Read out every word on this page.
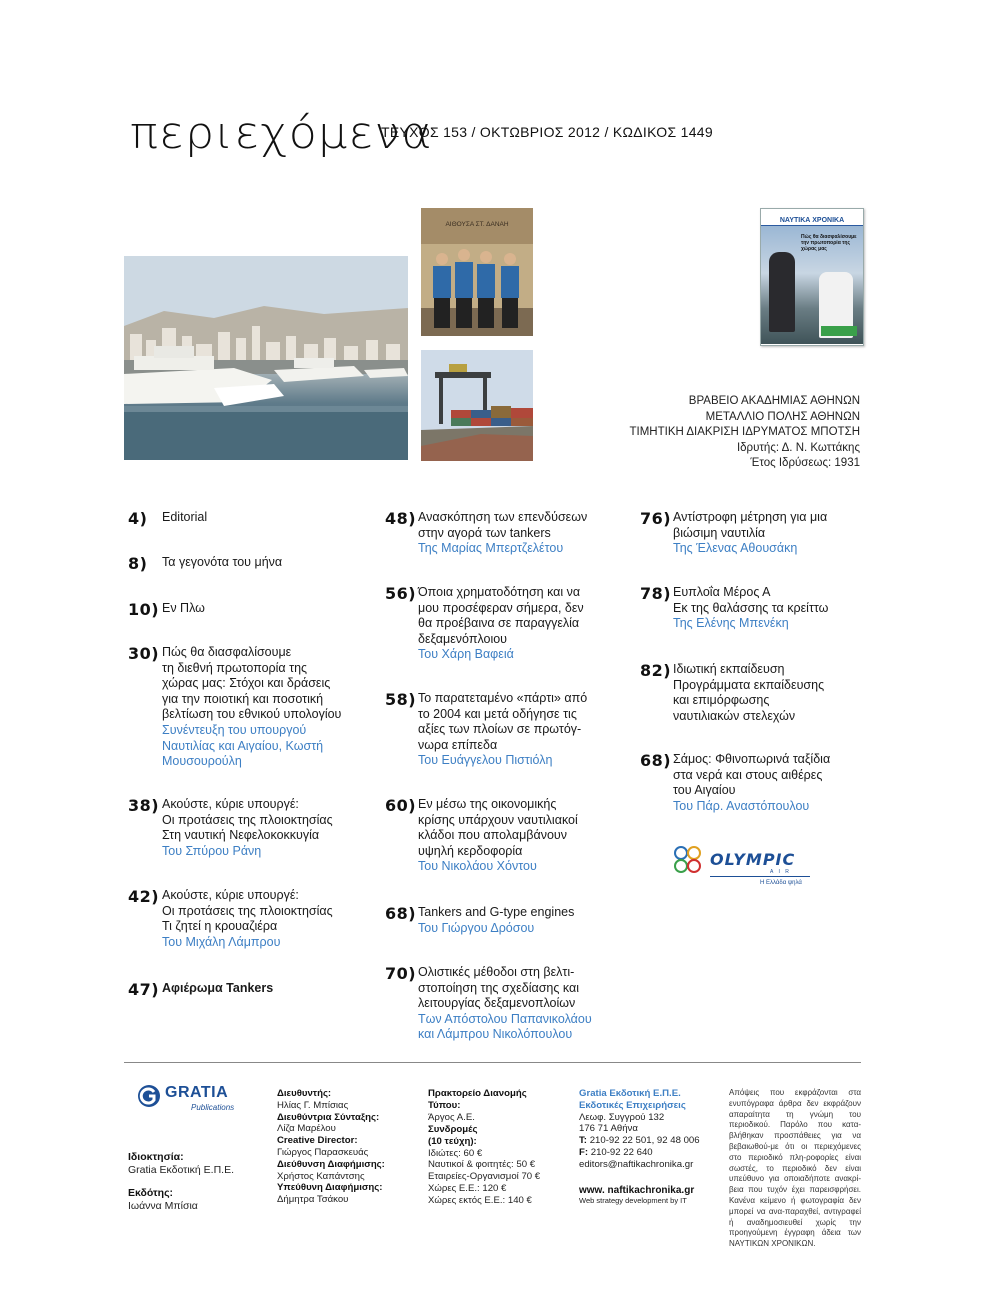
περιεχόμενα
ΤΕΥΧΟΣ 153 / ΟΚΤΩΒΡΙΟΣ 2012 / ΚΩΔΙΚΟΣ 1449
ΑΙΘΟΥΣΑ ΣΤ. ΔΑΝΑΗ
ΝΑΥΤΙΚΑ ΧΡΟΝΙΚΑ
Πώς θα διασφαλίσουμε την πρωτοπορία της χώρας μας
ΒΡΑΒΕΙΟ ΑΚΑΔΗΜΙΑΣ ΑΘΗΝΩΝ
ΜΕΤΑΛΛΙΟ ΠΟΛΗΣ ΑΘΗΝΩΝ
ΤΙΜΗΤΙΚΗ ΔΙΑΚΡΙΣΗ ΙΔΡΥΜΑΤΟΣ ΜΠΟΤΣΗ
Ιδρυτής: Δ. Ν. Κωττάκης
Έτος Ιδρύσεως: 1931
4) Editorial
8) Τα γεγονότα του μήνα
10) Εν Πλω
30) Πώς θα διασφαλίσουμε
τη διεθνή πρωτοπορία της
χώρας μας: Στόχοι και δράσεις
για την ποιοτική και ποσοτική
βελτίωση του εθνικού υπολογίου
Συνέντευξη του υπουργού
Ναυτιλίας και Αιγαίου, Κωστή
Μουσουρούλη
38) Ακούστε, κύριε υπουργέ:
Οι προτάσεις της πλοιοκτησίας
Στη ναυτική Νεφελοκοκκυγία
Του Σπύρου Ράνη
42) Ακούστε, κύριε υπουργέ:
Οι προτάσεις της πλοιοκτησίας
Τι ζητεί η κρουαζιέρα
Του Μιχάλη Λάμπρου
47) Αφιέρωμα Tankers
48) Ανασκόπηση των επενδύσεων
στην αγορά των tankers
Της Μαρίας Μπερτζελέτου
56) Όποια χρηματοδότηση και να
μου προσέφεραν σήμερα, δεν
θα προέβαινα σε παραγγελία
δεξαμενόπλοιου
Του Χάρη Βαφειά
58) Το παρατεταμένο «πάρτι» από
το 2004 και μετά οδήγησε τις
αξίες των πλοίων σε πρωτόγ-
νωρα επίπεδα
Του Ευάγγελου Πιστιόλη
60) Εν μέσω της οικονομικής
κρίσης υπάρχουν ναυτιλιακοί
κλάδοι που απολαμβάνουν
υψηλή κερδοφορία
Του Νικολάου Χόντου
68) Tankers and G-type engines
Του Γιώργου Δρόσου
70) Ολιστικές μέθοδοι στη βελτι-
στοποίηση της σχεδίασης και
λειτουργίας δεξαμενοπλοίων
Των Απόστολου Παπανικολάου
και Λάμπρου Νικολόπουλου
76) Αντίστροφη μέτρηση για μια
βιώσιμη ναυτιλία
Της Έλενας Αθουσάκη
78) Ευπλοΐα Μέρος Α
Εκ της θαλάσσης τα κρείττω
Της Ελένης Μπενέκη
82) Ιδιωτική εκπαίδευση
Προγράμματα εκπαίδευσης
και επιμόρφωσης
ναυτιλιακών στελεχών
68) Σάμος: Φθινοπωρινά ταξίδια
στα νερά και στους αιθέρες
του Αιγαίου
Του Πάρ. Αναστόπουλου
OLYMPIC
A I R
Η Ελλάδα ψηλά
GRATIA
Publications
Ιδιοκτησία:
Gratia Εκδοτική Ε.Π.Ε.
Εκδότης:
Ιωάννα Μπίσια
Διευθυντής:
Ηλίας Γ. Μπίσιας
Διευθύντρια Σύνταξης:
Λίζα Μαρέλου
Creative Director:
Γιώργος Παρασκευάς
Διεύθυνση Διαφήμισης:
Χρήστος Καπάντσης
Υπεύθυνη Διαφήμισης:
Δήμητρα Τσάκου
Πρακτορείο Διανομής Τύπου:
Άργος Α.Ε.
Συνδρομές
(10 τεύχη):
Ιδιώτες: 60 €
Ναυτικοί & φοιτητές: 50 €
Εταιρείες-Οργανισμοί 70 €
Χώρες Ε.Ε.: 120 €
Χώρες εκτός Ε.Ε.: 140 €
Gratia Εκδοτική Ε.Π.Ε.
Εκδοτικές Επιχειρήσεις
Λεωφ. Συγγρού 132
176 71 Αθήνα
Τ: 210-92 22 501, 92 48 006
F: 210-92 22 640
editors@naftikachronika.gr
www. naftikachronika.gr
Web strategy development by IT
Απόψεις που εκφράζονται στα ενυπόγραφα άρθρα δεν εκφράζουν απαραίτητα τη γνώμη του περιοδικού. Παρόλο που κατα-βλήθηκαν προσπάθειες για να βεβαιωθού-με ότι οι περιεχόμενες στο περιοδικό πλη-ροφορίες είναι σωστές, το περιοδικό δεν είναι υπεύθυνο για οποιαδήποτε ανακρί-βεια που τυχόν έχει παρεισφρήσει. Κανένα κείμενο ή φωτογραφία δεν μπορεί να ανα-παραχθεί, αντιγραφεί ή αναδημοσιευθεί χωρίς την προηγούμενη έγγραφη άδεια των ΝΑΥΤΙΚΩΝ ΧΡΟΝΙΚΩΝ.
